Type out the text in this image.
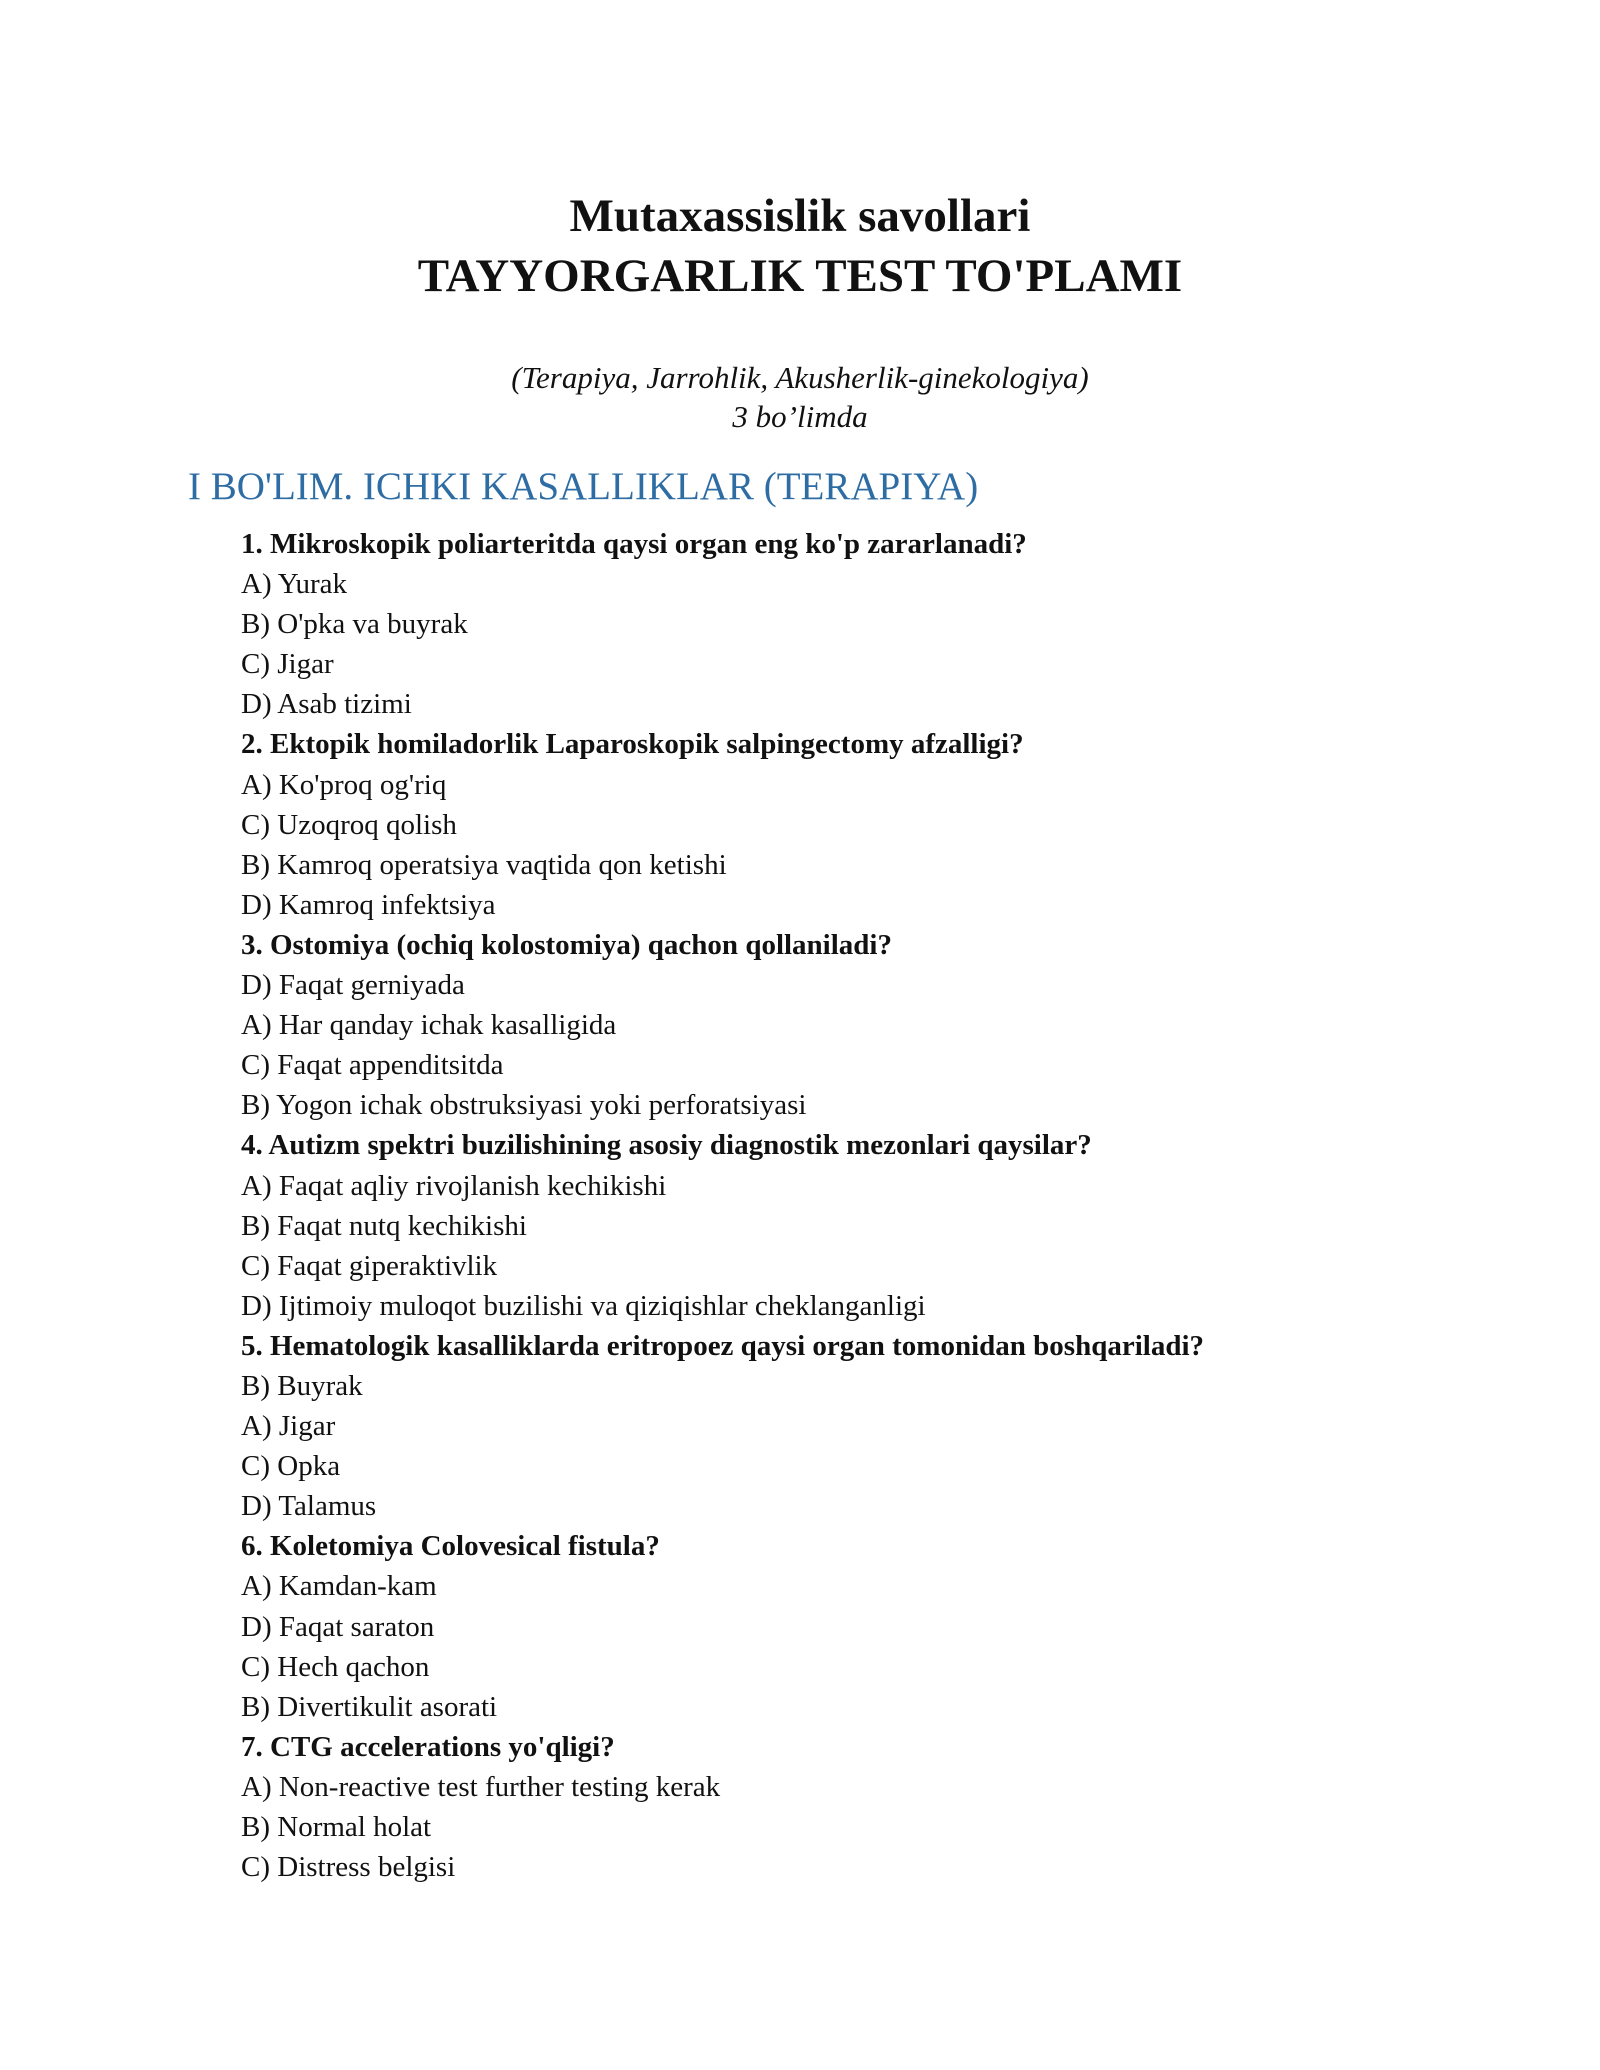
Mutaxassislik savollari
TAYYORGARLIK TEST TO'PLAMI
(Terapiya, Jarrohlik, Akusherlik-ginekologiya)
3 bo’limda
I BO'LIM. ICHKI KASALLIKLAR (TERAPIYA)
1. Mikroskopik poliarteritda qaysi organ eng ko'p zararlanadi?
A) Yurak
B) O'pka va buyrak
C) Jigar
D) Asab tizimi
2. Ektopik homiladorlik Laparoskopik salpingectomy afzalligi?
A) Ko'proq og'riq
C) Uzoqroq qolish
B) Kamroq operatsiya vaqtida qon ketishi
D) Kamroq infektsiya
3. Ostomiya (ochiq kolostomiya) qachon qollaniladi?
D) Faqat gerniyada
A) Har qanday ichak kasalligida
C) Faqat appenditsitda
B) Yogon ichak obstruksiyasi yoki perforatsiyasi
4. Autizm spektri buzilishining asosiy diagnostik mezonlari qaysilar?
A) Faqat aqliy rivojlanish kechikishi
B) Faqat nutq kechikishi
C) Faqat giperaktivlik
D) Ijtimoiy muloqot buzilishi va qiziqishlar cheklanganligi
5. Hematologik kasalliklarda eritropoez qaysi organ tomonidan boshqariladi?
B) Buyrak
A) Jigar
C) Opka
D) Talamus
6. Koletomiya Colovesical fistula?
A) Kamdan-kam
D) Faqat saraton
C) Hech qachon
B) Divertikulit asorati
7. CTG accelerations yo'qligi?
A) Non-reactive test further testing kerak
B) Normal holat
C) Distress belgisi
